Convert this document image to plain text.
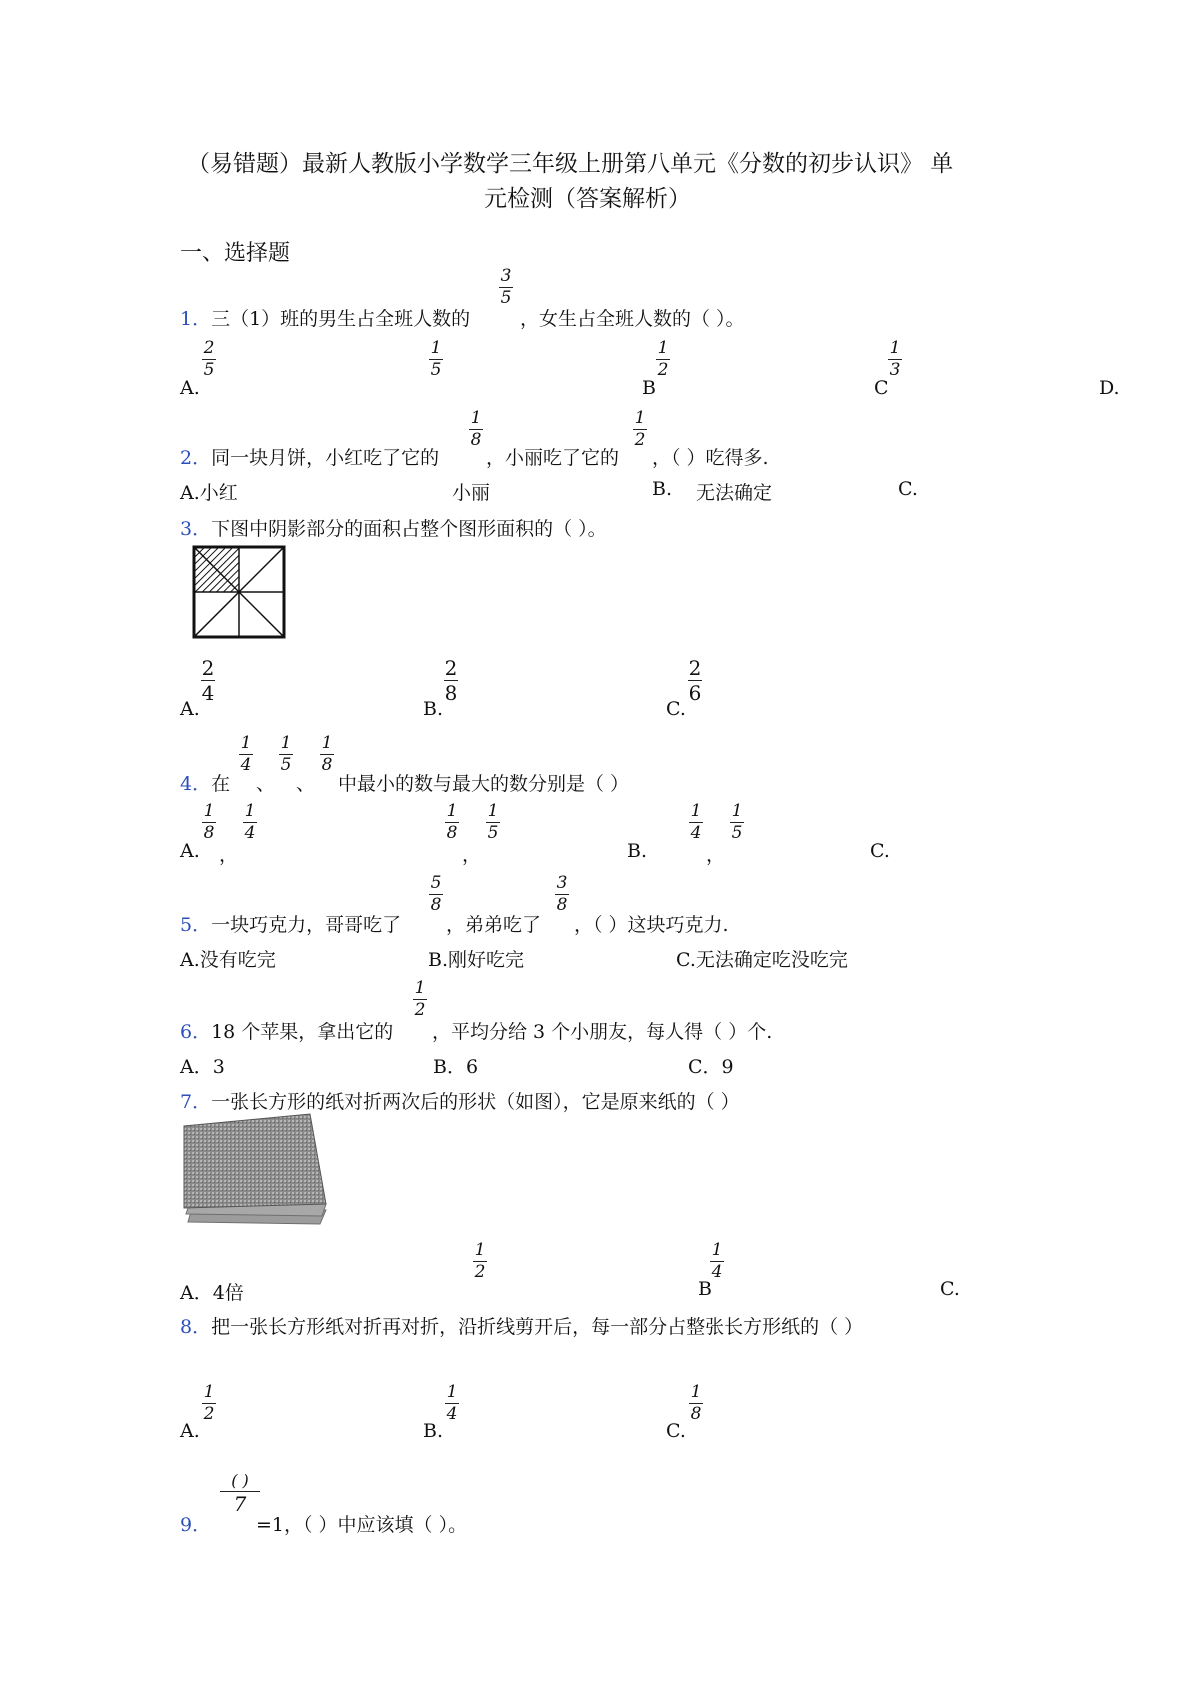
（易错题）最新人教版小学数学三年级上册第八单元《分数的初步认识》 单
元检测（答案解析）
一、选择题
1．三（1）班的男生占全班人数的
3
5
，女生占全班人数的（ ）。
A.
2
5
1
5
B
1
2
C
1
3
D.
2．同一块月饼，小红吃了它的
1
8
，小丽吃了它的
1
2
，（ ）吃得多.
A.小红	小丽	B. 无法确定	C.
3．下图中阴影部分的面积占整个图形面积的（ ）。
A.
2
4
B.
2
8
C.
2
6
4．在
1
4
、
1
5
、
1
8
中最小的数与最大的数分别是（ ）
A.
1
8
，
1
4
1
8
，
1
5
B.
1
4
，
1
5
C.
5．一块巧克力，哥哥吃了
5
8
，弟弟吃了
3
8
，（ ）这块巧克力.
A.没有吃完	B.刚好吃完	C.无法确定吃没吃完
6．18 个苹果，拿出它的
1
2
，平均分给 3 个小朋友，每人得（ ）个.
A．3	B．6	C．9
7．一张长方形的纸对折两次后的形状（如图），它是原来纸的（ ）
A．4倍
1
2
B
1
4
C.
8．把一张长方形纸对折再对折，沿折线剪开后，每一部分占整张长方形纸的（ ）
A.
1
2
B.
1
4
C.
1
8
9．
( )
7
=1，（ ）中应该填（ ）。
